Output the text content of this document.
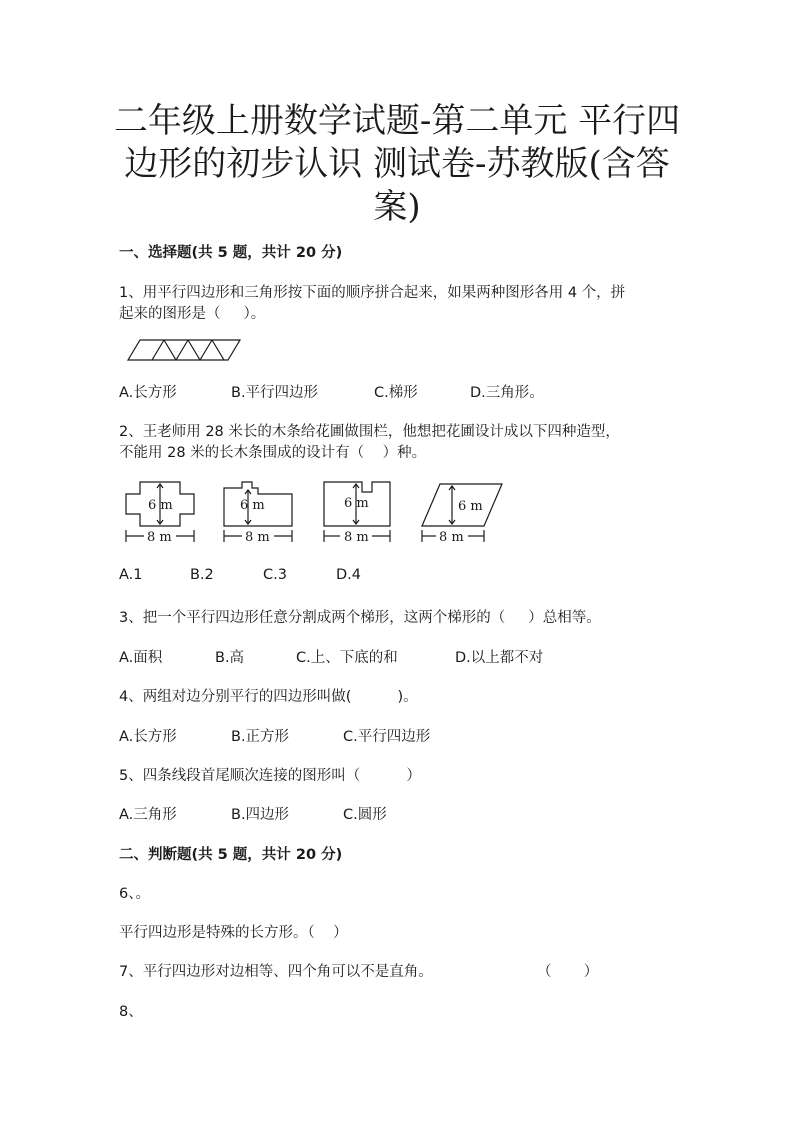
二年级上册数学试题-第二单元 平行四
边形的初步认识 测试卷-苏教版(含答
案)
一、选择题(共 5 题，共计 20 分)
1、用平行四边形和三角形按下面的顺序拼合起来，如果两种图形各用 4 个，拼
起来的图形是（     ）。
A.长方形	B.平行四边形	C.梯形	D.三角形。
2、王老师用 28 米长的木条给花圃做围栏，他想把花圃设计成以下四种造型，
不能用 28 米的长木条围成的设计有（    ）种。
6 m
8 m
6 m
8 m
6 m
8 m
6 m
8 m
A.1	B.2	C.3	D.4
3、把一个平行四边形任意分割成两个梯形，这两个梯形的（     ）总相等。
A.面积	B.高	C.上、下底的和	D.以上都不对
4、两组对边分别平行的四边形叫做(          )。
A.长方形	B.正方形	C.平行四边形
5、四条线段首尾顺次连接的图形叫（          ）
A.三角形	B.四边形	C.圆形
二、判断题(共 5 题，共计 20 分)
6、。
平行四边形是特殊的长方形。（    ）
7、平行四边形对边相等、四个角可以不是直角。	（       ）
8、
